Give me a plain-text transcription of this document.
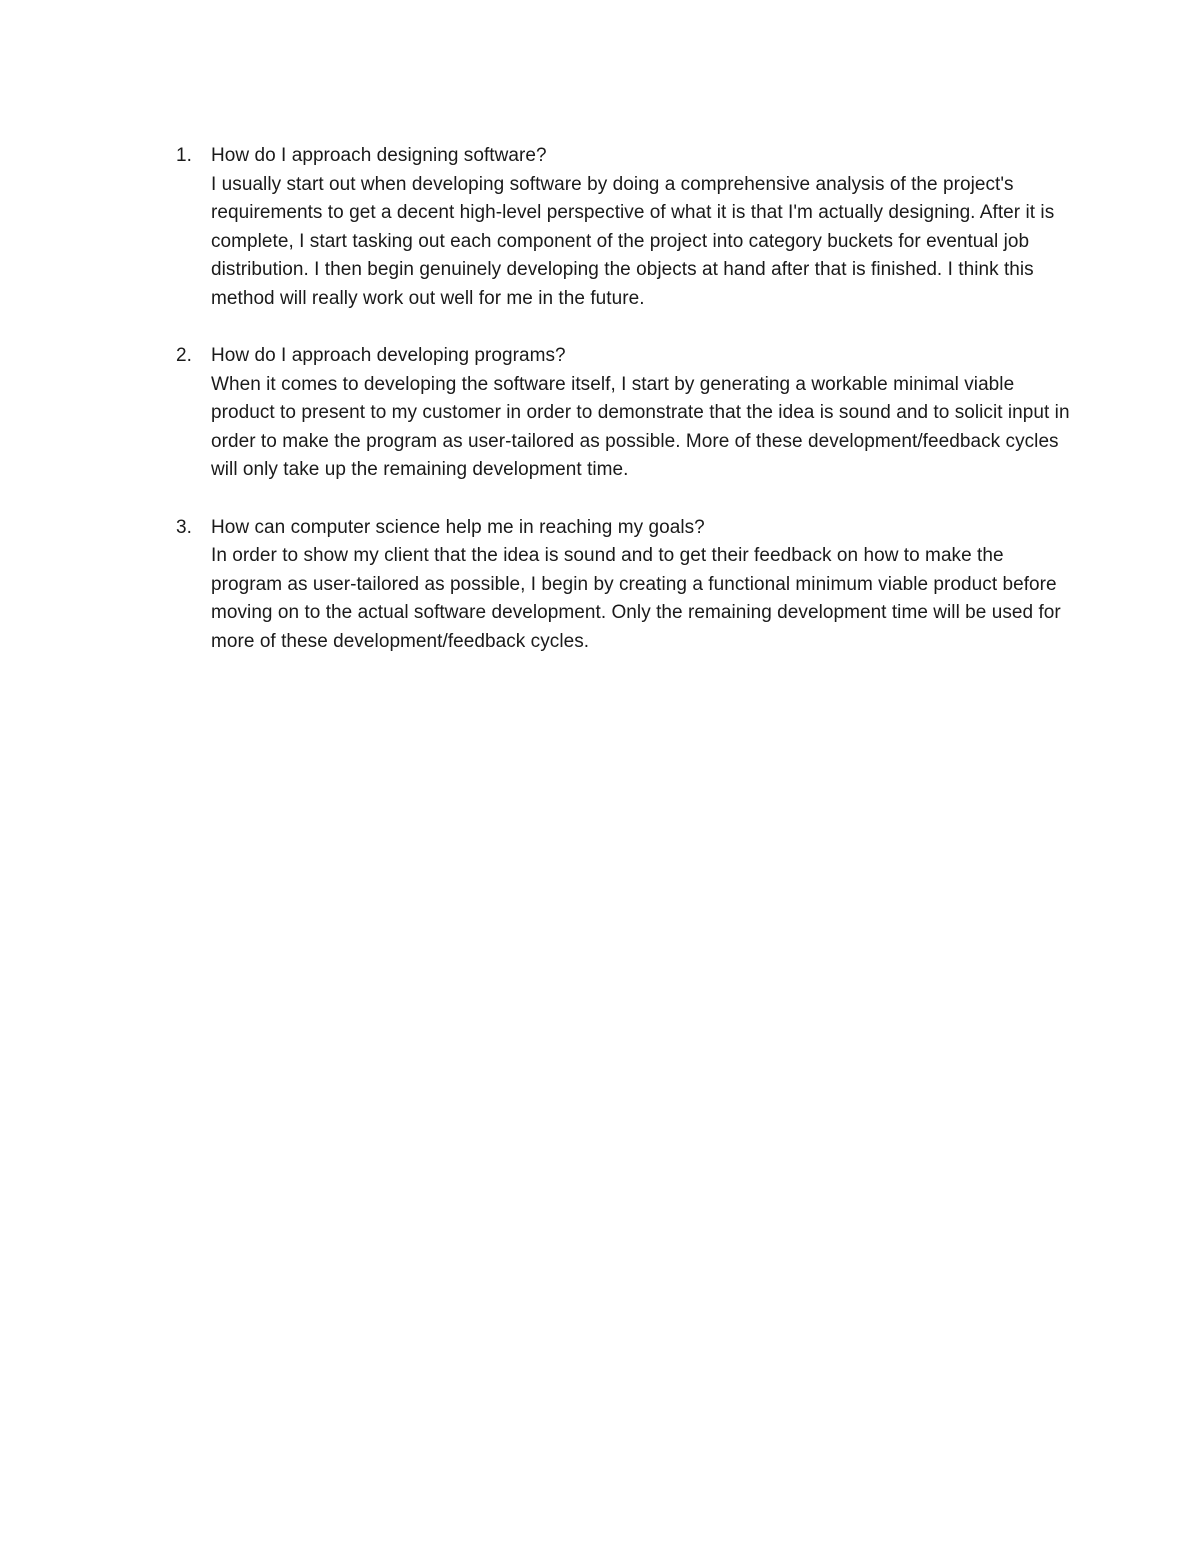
1. How do I approach designing software?
I usually start out when developing software by doing a comprehensive analysis of the project's requirements to get a decent high-level perspective of what it is that I'm actually designing. After it is complete, I start tasking out each component of the project into category buckets for eventual job distribution. I then begin genuinely developing the objects at hand after that is finished. I think this method will really work out well for me in the future.
2. How do I approach developing programs?
When it comes to developing the software itself, I start by generating a workable minimal viable product to present to my customer in order to demonstrate that the idea is sound and to solicit input in order to make the program as user-tailored as possible. More of these development/feedback cycles will only take up the remaining development time.
3. How can computer science help me in reaching my goals?
In order to show my client that the idea is sound and to get their feedback on how to make the program as user-tailored as possible, I begin by creating a functional minimum viable product before moving on to the actual software development. Only the remaining development time will be used for more of these development/feedback cycles.
